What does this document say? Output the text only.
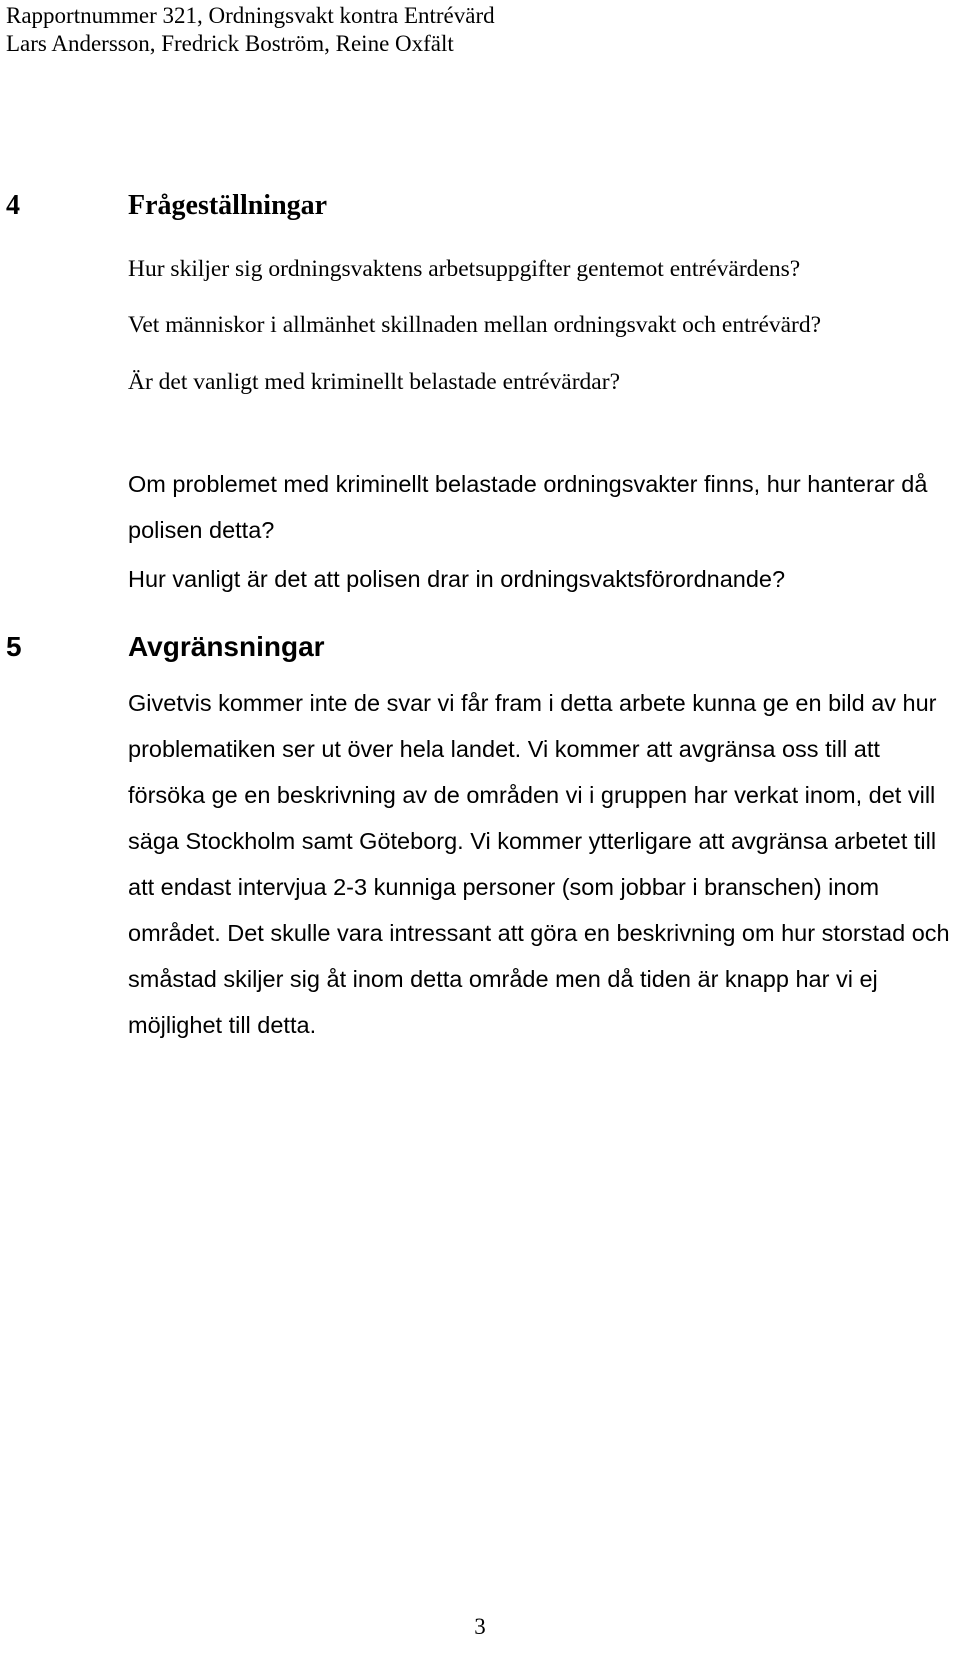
Rapportnummer 321, Ordningsvakt kontra Entrévärd
Lars Andersson, Fredrick Boström, Reine Oxfält
4	Frågeställningar
Hur skiljer sig ordningsvaktens arbetsuppgifter gentemot entrévärdens?
Vet människor i allmänhet skillnaden mellan ordningsvakt och entrévärd?
Är det vanligt med kriminellt belastade entrévärdar?
Om problemet med kriminellt belastade ordningsvakter finns, hur hanterar då polisen detta?
Hur vanligt är det att polisen drar in ordningsvaktsförordnande?
5	Avgränsningar

Givetvis kommer inte de svar vi får fram i detta arbete kunna ge en bild av hur problematiken ser ut över hela landet. Vi kommer att avgränsa oss till att försöka ge en beskrivning av de områden vi i gruppen har verkat inom, det vill säga Stockholm samt Göteborg. Vi kommer ytterligare att avgränsa arbetet till att endast intervjua 2-3 kunniga personer (som jobbar i branschen) inom området. Det skulle vara intressant att göra en beskrivning om hur storstad och småstad skiljer sig åt inom detta område men då tiden är knapp har vi ej möjlighet till detta.

3
